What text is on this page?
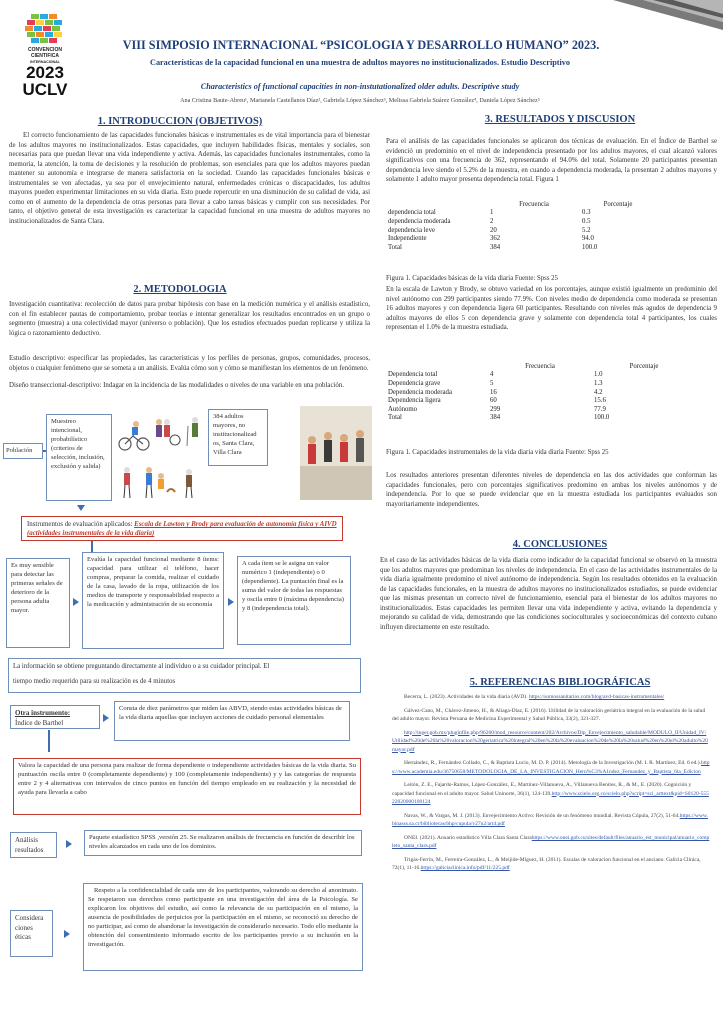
CONVENCION
CIENTIFICA
INTERNACIONAL
2023
UCLV
VIII SIMPOSIO INTERNACIONAL “PSICOLOGIA Y DESARROLLO HUMANO” 2023.
Características de la capacidad funcional en una muestra de adultos mayores no institucionalizados. Estudio Descriptivo
Characteristics of functional capacities in non-instutationalized older adults. Descriptive study
Ana Cristina Baute-Abreu¹, Marianela Castellanos Díaz², Gabriela López Sánchez³, Melissa Gabriela Suárez González⁴, Daniela López Sánchez⁵
1. INTRODUCCION (OBJETIVOS)
El correcto funcionamiento de las capacidades funcionales básicas e instrumentales es de vital importancia para el bienestar de los adultos mayores no institucionalizados. Estas capacidades, que incluyen habilidades físicas, mentales y sociales, son necesarias para que puedan llevar una vida independiente y activa. Además, las capacidades funcionales instrumentales, como la memoria, la atención, la toma de decisiones y la resolución de problemas, son esenciales para que los adultos mayores puedan mantener su autonomía e integrarse de manera satisfactoria en la sociedad. Cuando las capacidades funcionales básicas e instrumentales se ven afectadas, ya sea por el envejecimiento natural, enfermedades crónicas o discapacidades, los adultos mayores pueden experimentar limitaciones en su vida diaria. Esto puede repercutir en una disminución de su calidad de vida, así como en el aumento de la dependencia de otras personas para llevar a cabo tareas básicas y cumplir con sus necesidades. Por tanto, el objetivo general de esta investigación es caracterizar la capacidad funcional en una muestra de adultos mayores no institucionalizados de Santa Clara.
2. METODOLOGIA
Investigación cuantitativa: recolección de datos para probar hipótesis con base en la medición numérica y el análisis estadístico, con el fin establecer pautas de comportamiento, probar teorías e intentar generalizar los resultados encontrados en un grupo o segmento (muestra) a una colectividad mayor (universo o población). Que los estudios efectuados puedan replicarse y utiliza la lógica o razonamiento deductivo.
Estudio descriptivo: especificar las propiedades, las características y los perfiles de personas, grupos, comunidades, procesos, objetos o cualquier fenómeno que se someta a un análisis. Evalúa cómo son y cómo se manifiestan los elementos de un fenómeno.
Diseño transeccional-descriptivo: Indagar en la incidencia de las modalidades o niveles de una variable en una población.
Población
Muestreo intencional, probabilístico (criterios de selección, inclusión, exclusión y salida)
384 adultos mayores, no institucionalizad os, Santa Clara, Villa Clara
Instrumentos de evaluación aplicados: Escala de Lawton y Brody para evaluación de autonomía física y AIVD (actividades instrumentales de la vida diaria)
Es muy sensible para detectar las primeras señales de deterioro de la persona adulta mayor.
Evalúa la capacidad funcional mediante 8 ítems: capacidad para utilizar el teléfono, hacer compras, preparar la comida, realizar el cuidado de la casa, lavado de la ropa, utilización de los medios de transporte y responsabilidad respecto a la medicación y administración de su economía
A cada ítem se le asigna un valor numérico 1 (independiente) o 0 (dependiente). La puntación final es la suma del valor de todas las respuestas y oscila entre 0 (máxima dependencia) y 8 (independencia total).
La información se obtiene preguntando directamente al individuo o a su cuidador principal. El
tiempo medio requerido para su realización es de 4 minutos
Otra instrumento:
Índice de Barthel
Consta de diez parámetros que miden las ABVD, siendo estas actividades básicas de la vida diaria aquellas que incluyen acciones de cuidado personal elementales
Valora la capacidad de una persona para realizar de forma dependiente o independiente actividades básicas de la vida diaria. Su puntuación oscila entre 0 (completamente dependiente) y 100 (completamente independiente) y y las categorías de respuesta entre 2 y 4 alternativas con intervalos de cinco puntos en función del tiempo empleado en su realización y la necesidad de ayuda para llevarla a cabo
Análisis resultados
Paquete estadístico SPSS ,versión 25. Se realizaron análisis de frecuencia en función de describir los niveles alcanzados en cada uno de los dominios.
Considera ciones éticas
Respeto a la confidencialidad de cada uno de los participantes, valorando su derecho al anonimato. Se respetaron sus derechos como participante en una investigación del área de la Psicología. Se explicaron los objetivos del estudio, así como la relevancia de su participación en el mismo, la ausencia de posibilidades de perjuicios por la participación en el mismo, se reconoció su derecho de no participar, así como de abandonar la investigación de considerarlo necesario. Todo ello mediante la obtención del consentimiento informado escrito de los participantes previo a su inclusión en la investigación.
3. RESULTADOS Y DISCUSION
Para el análisis de las capacidades funcionales se aplicaron dos técnicas de evaluación. En el Índice de Barthel se evidenció un predominio en el nivel de independencia presentado por los adultos mayores, el cual alcanzó valores significativos con una frecuencia de 362, representando el 94.0% del total. Solamente 20 participantes presentan dependencia leve siendo el 5.2% de la muestra, en cuando a dependencia moderada, la presentan 2 adultos mayores y solamente 1 adulto mayor presenta dependencia total. Figura 1
	Frecuencia	Porcentaje
dependencia total	1	0.3
dependencia moderada	2	0.5
dependencia leve	20	5.2
Independiente	362	94.0
Total	384	100.0
Figura 1. Capacidades básicas de la vida diaria Fuente: Spss 25
En la escala de Lawton y Brody, se obtuvo variedad en los porcentajes, aunque existió igualmente un predominio del nivel autónomo con 299 participantes siendo 77.9%. Con niveles medio de dependencia como moderada se presentan 16 adultos mayores y con dependencia ligera 60 participantes. Resultando con niveles más agudos de dependencia 9 adultos mayores de ellos 5 con dependencia grave y solamente con dependencia total 4 participantes, los cuales representan el 1.0% de la muestra estudiada.
	Frecuencia	Porcentaje
Dependencia total	4	1.0
Dependencia grave	5	1.3
Dependencia moderada	16	4.2
Dependencia ligera	60	15.6
Autónomo	299	77.9
Total	384	100.0
Figura 1. Capacidades instrumentales de la vida diaria vida diaria Fuente: Spss 25
Los resultados anteriores presentan diferentes niveles de dependencia en las dos actividades que conforman las capacidades funcionales, pero con porcentajes significativos predomino en ambas los niveles autónomos y de independencia. Por lo que se puede evidenciar que en la muestra estudiada los participantes evaluados son mayoritariamente independientes.
4. CONCLUSIONES
En el caso de las actividades básicas de la vida diaria como indicador de la capacidad funcional se observó en la muestra que los adultos mayores que predominan los niveles de independencia. En el caso de las actividades instrumentales de la vida diaria igualmente predomino el nivel autónomo de independencia. Según los resultados obtenidos en la evaluación de las capacidades funcionales, en la muestra de adultos mayores no institucionalizados estudiados, se puede evidenciar que las mismas presentan un correcto nivel de funcionamiento, esencial para el bienestar de los adultos mayores no institucionalizados. Estas capacidades les permiten llevar una vida independiente y activa, evitando la dependencia y mejorando su calidad de vida, demostrando que las condiciones socioculturales y socioeconómicas del contexto cubano influyen directamente en este resultado.
5. REFERENCIAS BIBLIOGRÁFICAS
Becerra, L. (2023). Actividades de la vida diaria (AVD). https://somossanitarios.com/blog/avd-basicas-instrumentales/
Gálvez-Cano, M., Chávez-Jimeno, H., & Aliaga-Díaz, E. (2016). Utilidad de la valoración geriátrica integral en la evaluación de la salud del adulto mayor. Revista Peruana de Medicina Experimental y Salud Pública, 33(2), 321-327.
http://inger.gob.mx/pluginfile.php/96260/mod_resource/content/202/Archivos/Dip_Envejecimiento_saludable/MODULO_II/Unidad_IV/Utilidad%20de%20la%20valoracion%20geriatrica%20integral%20en%20la%20evaluacion%20de%20la%20salud%20en%20el%20adulto%20mayor.pdf
Hernández, R., Fernández Collado, C., & Baptista Lucio, M. D. P. (2014). Metología de la Investigación (M. I. R. Martínez, Ed. 6 ed.).https://www.academia.edu/36750658/METODOLOGIA_DE_LA_INVESTIGACION_Hern%C3%A1ndez_Fernandez_y_Baptista_6ta_Edicion
Leitón, Z. E., Fajardo-Ramos, López-González, E., Martínez-Villanueva, A., Villanueva Benites, R., & M., E. (2020). Cognición y capacidad funcional en el adulto mayor. Salud Uninorte, 36(1), 124-139.http://www.scielo.org.co/scielo.php?script=sci_arttext&pid=S0120-55522020000100124
Navas, W., & Vargas, M. J. (2013). Envejecimiento Activo: Revisión de un fenómeno mundial. Revista Cúpula, 27(2), 51-64.https://www.binasss.sa.cr/bibliotecas/bhp/cupula/v27n2/art4.pdf
ONEI. (2021). Anuario estadístico Villa Clara Santa Clarahttps://www.onei.gob.cu/sites/default/files/anuario_est_municipal/anuario_completo_santa_clara.pdf
Trigás-Ferrín, M., Ferreira-González, L., & Meijide-Míguez, H. (2011). Escalas de valoracion funcional en el anciano. Galicia Clínica, 72(1), 11-16.https://galiciaclinica.info/pdf/11/225.pdf
